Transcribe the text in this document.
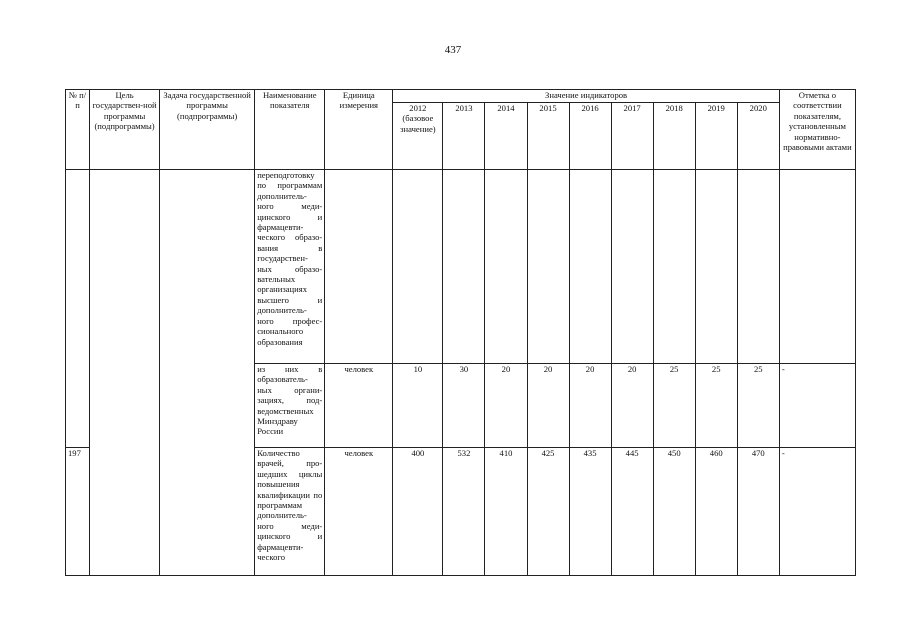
437
№ п/п	Цель государствен-ной программы (подпрограммы)	Задача государственной программы (подпрограммы)	Наименование показателя	Единица измерения	Значение индикаторов									Отметка о соответствии показателям, установленным нормативно-правовыми актами
					2012 (базовое значение)	2013	2014	2015	2016	2017	2018	2019	2020	
			переподготовку по программам дополнитель-ного меди-цинского и фармацевти-ческого образо-вания в государствен-ных образо-вательных организациях высшего и дополнитель-ного профес-сионального образования											
			из них в образователь-ных органи-зациях, под-ведомственных Минздраву России	человек	10	30	20	20	20	20	25	25	25	-
197			Количество врачей, про-шедших циклы повышения квалификации по программам дополнитель-ного меди-цинского и фармацевти-ческого	человек	400	532	410	425	435	445	450	460	470	-
